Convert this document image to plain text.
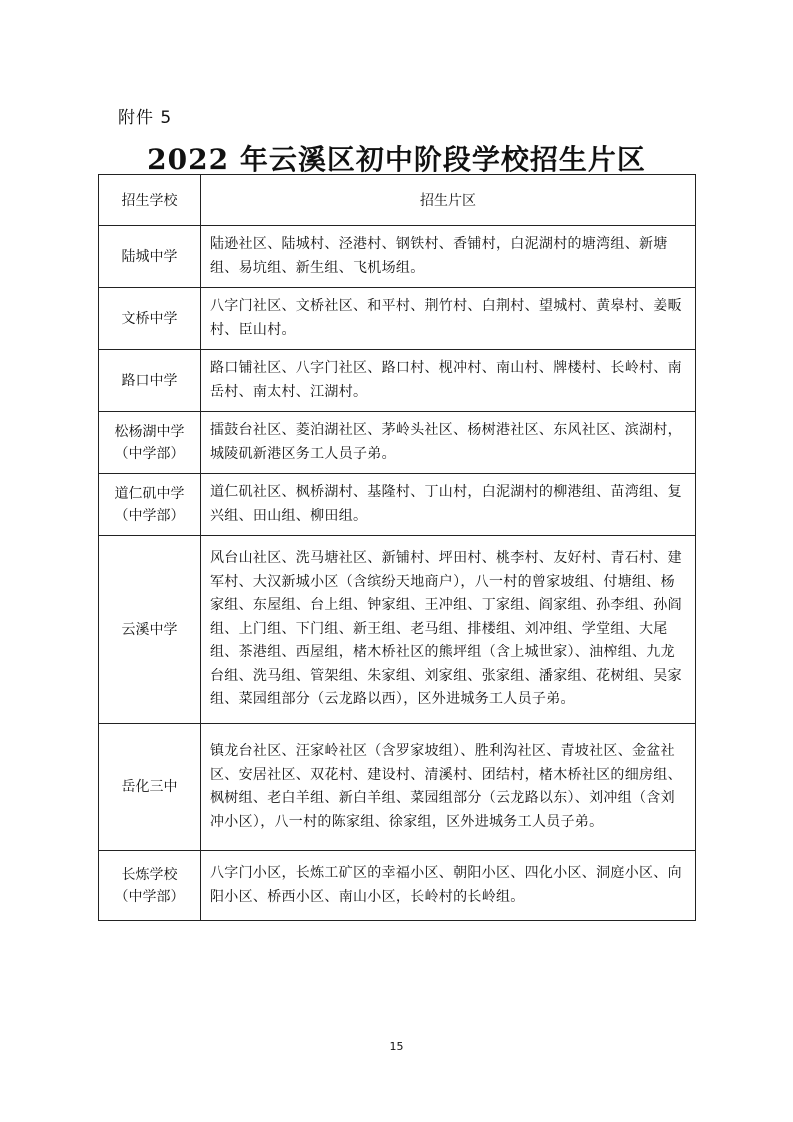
附件 5
2022 年云溪区初中阶段学校招生片区
招生学校	招生片区
陆城中学	陆逊社区、陆城村、泾港村、钢铁村、香铺村，白泥湖村的塘湾组、新塘组、易坑组、新生组、飞机场组。
文桥中学	八字门社区、文桥社区、和平村、荆竹村、白荆村、望城村、黄皋村、姜畈村、臣山村。
路口中学	路口铺社区、八字门社区、路口村、枧冲村、南山村、牌楼村、长岭村、南岳村、南太村、江湖村。
松杨湖中学
（中学部）	擂鼓台社区、菱泊湖社区、茅岭头社区、杨树港社区、东风社区、滨湖村，城陵矶新港区务工人员子弟。
道仁矶中学
（中学部）	道仁矶社区、枫桥湖村、基隆村、丁山村，白泥湖村的柳港组、苗湾组、复兴组、田山组、柳田组。
云溪中学	风台山社区、洗马塘社区、新铺村、坪田村、桃李村、友好村、青石村、建军村、大汉新城小区（含缤纷天地商户），八一村的曾家坡组、付塘组、杨家组、东屋组、台上组、钟家组、王冲组、丁家组、阎家组、孙李组、孙阎组、上门组、下门组、新王组、老马组、排楼组、刘冲组、学堂组、大尾组、茶港组、西屋组，楮木桥社区的熊坪组（含上城世家）、油榨组、九龙台组、洗马组、管架组、朱家组、刘家组、张家组、潘家组、花树组、吴家组、菜园组部分（云龙路以西），区外进城务工人员子弟。
岳化三中	镇龙台社区、汪家岭社区（含罗家坡组）、胜利沟社区、青坡社区、金盆社区、安居社区、双花村、建设村、清溪村、团结村，楮木桥社区的细房组、枫树组、老白羊组、新白羊组、菜园组部分（云龙路以东）、刘冲组（含刘冲小区），八一村的陈家组、徐家组，区外进城务工人员子弟。
长炼学校
（中学部）	八字门小区，长炼工矿区的幸福小区、朝阳小区、四化小区、洞庭小区、向阳小区、桥西小区、南山小区，长岭村的长岭组。
15
